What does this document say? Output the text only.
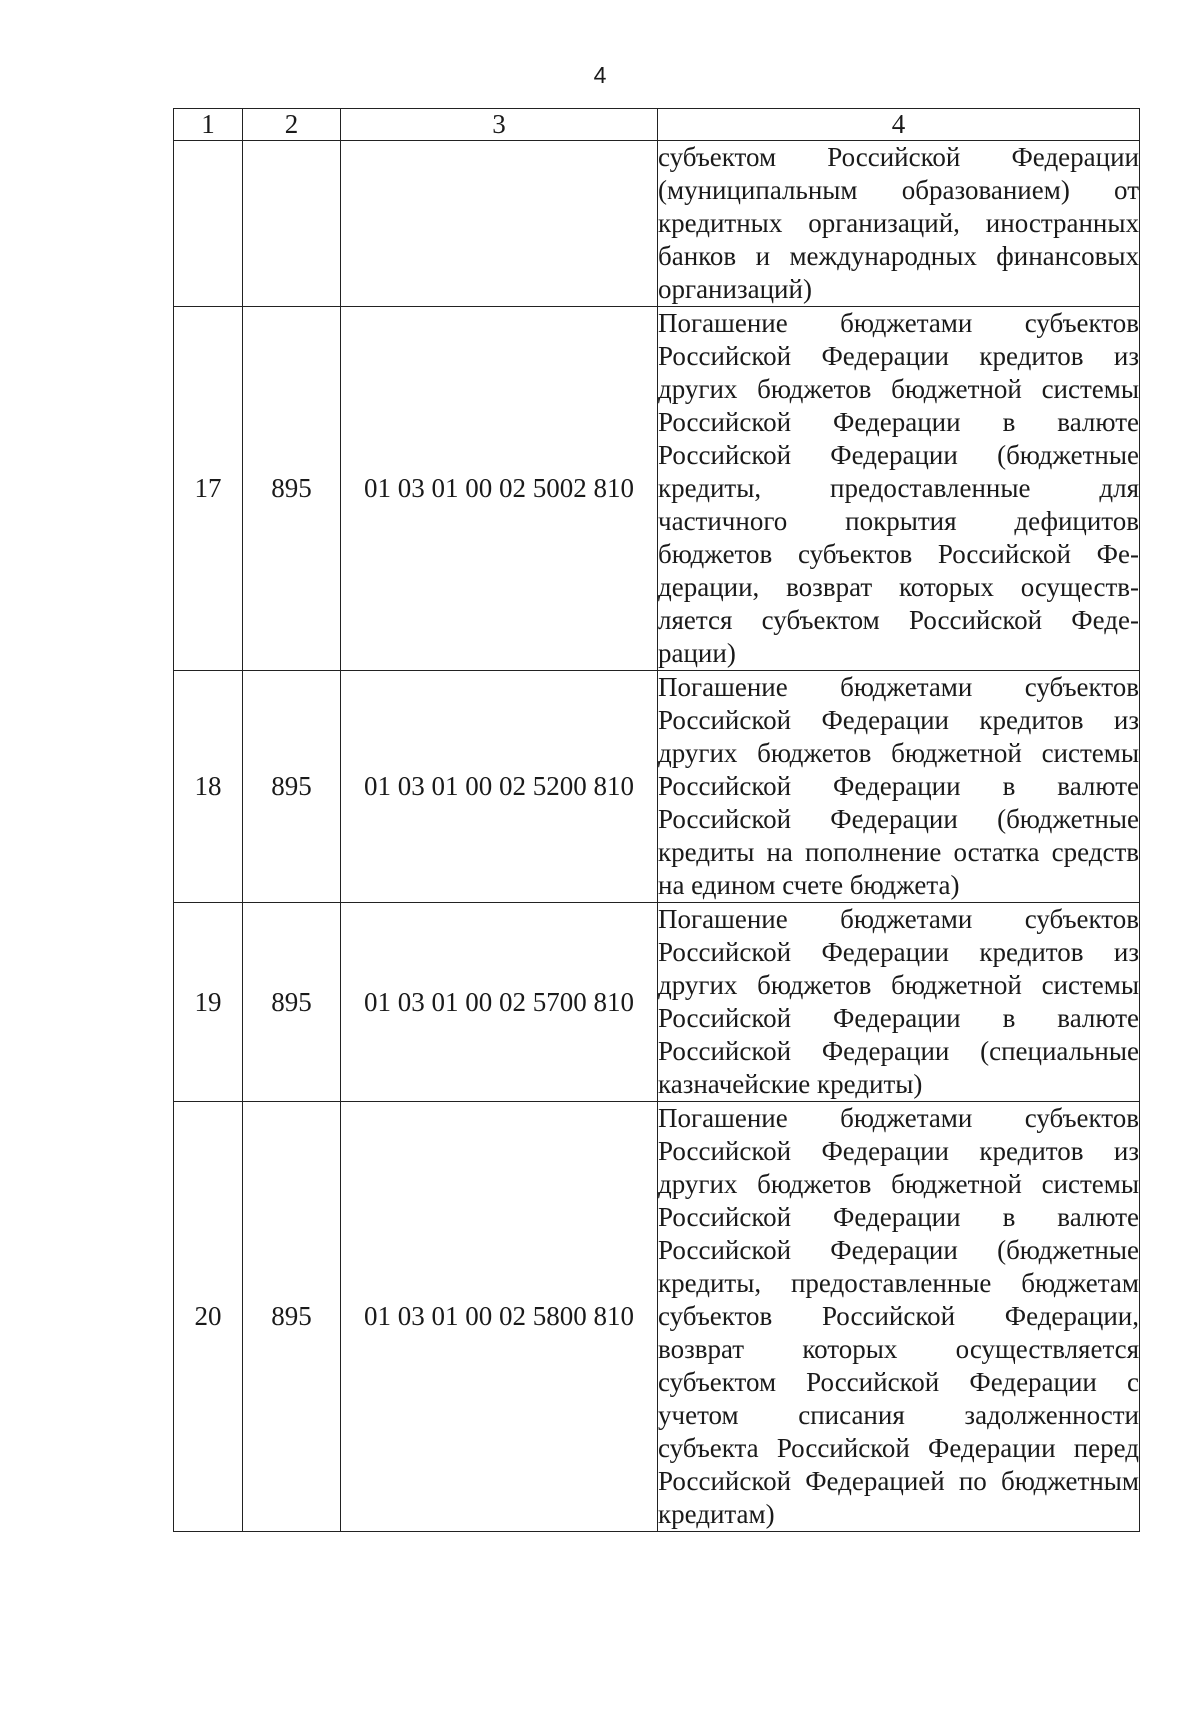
4
1	2	3	4

			субъектом Российской Федерации (муниципальным образованием) от кредитных организаций, иностранных банков и международных финансовых организаций)

17	895	01 03 01 00 02 5002 810	Погашение бюджетами субъектов Российской Федерации кредитов из других бюджетов бюджетной системы Российской Федерации в валюте Российской Федерации (бюджетные кредиты, предоставленные для частичного покрытия дефицитов бюджетов субъектов Российской Федерации, возврат которых осуществляется субъектом Российской Федерации)

18	895	01 03 01 00 02 5200 810	Погашение бюджетами субъектов Российской Федерации кредитов из других бюджетов бюджетной системы Российской Федерации в валюте Российской Федерации (бюджетные кредиты на пополнение остатка средств на едином счете бюджета)

19	895	01 03 01 00 02 5700 810	Погашение бюджетами субъектов Российской Федерации кредитов из других бюджетов бюджетной системы Российской Федерации в валюте Российской Федерации (специальные казначейские кредиты)

20	895	01 03 01 00 02 5800 810	Погашение бюджетами субъектов Российской Федерации кредитов из других бюджетов бюджетной системы Российской Федерации в валюте Российской Федерации (бюджетные кредиты, предоставленные бюджетам субъектов Российской Федерации, возврат которых осуществляется субъектом Российской Федерации с учетом списания задолженности субъекта Российской Федерации перед Российской Федерацией по бюджетным кредитам)
